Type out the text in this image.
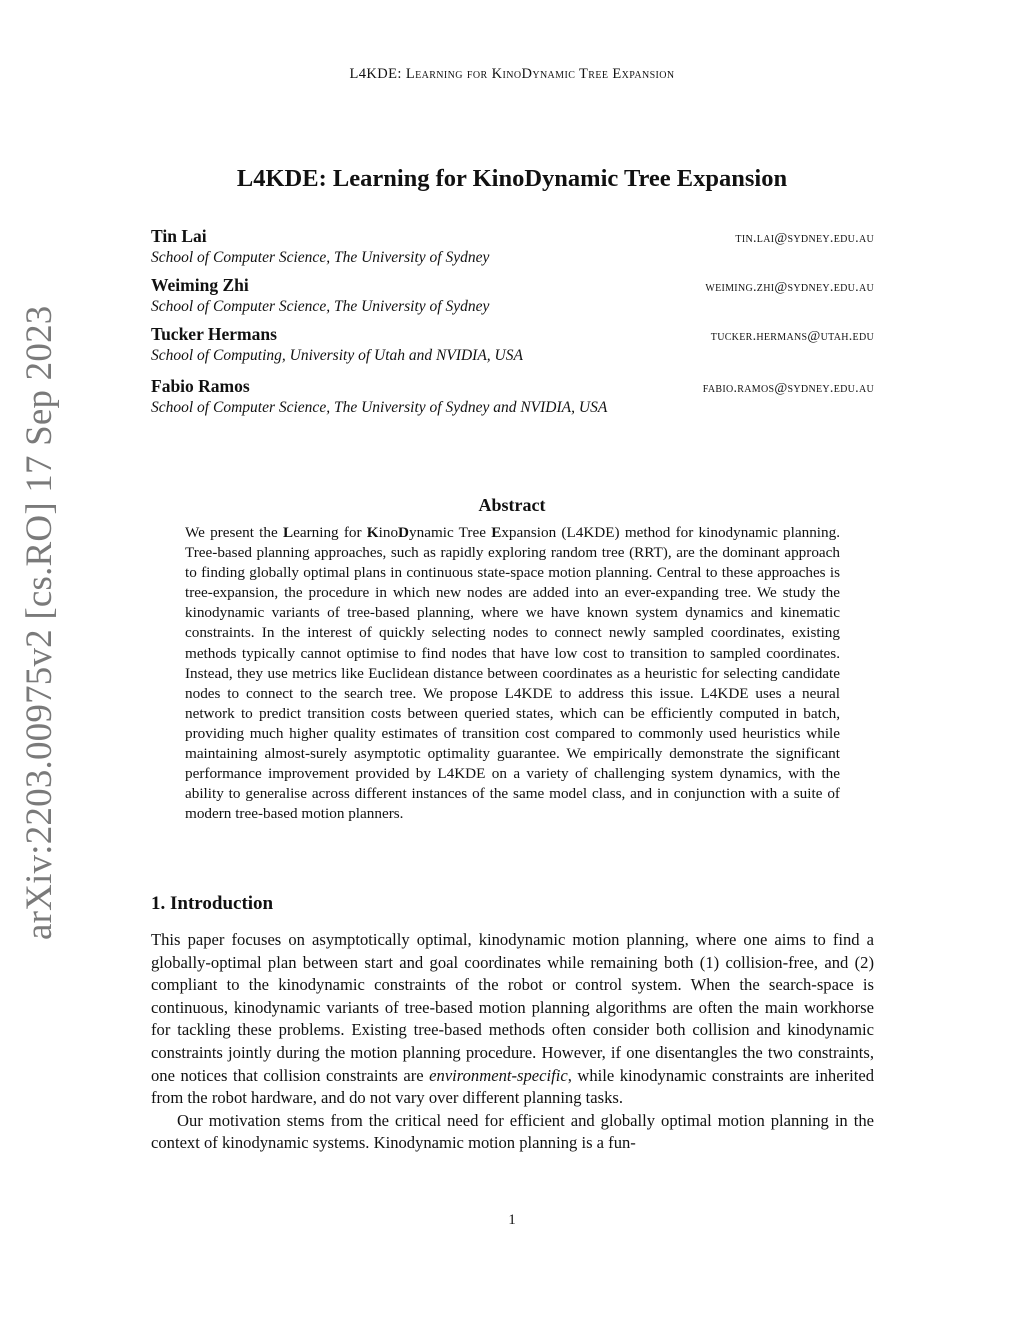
L4KDE: Learning for KinoDynamic Tree Expansion
arXiv:2203.00975v2 [cs.RO] 17 Sep 2023
L4KDE: Learning for KinoDynamic Tree Expansion
Tin Lai	tin.lai@sydney.edu.au
School of Computer Science, The University of Sydney
Weiming Zhi	weiming.zhi@sydney.edu.au
School of Computer Science, The University of Sydney
Tucker Hermans	tucker.hermans@utah.edu
School of Computing, University of Utah and NVIDIA, USA
Fabio Ramos	fabio.ramos@sydney.edu.au
School of Computer Science, The University of Sydney and NVIDIA, USA
Abstract
We present the Learning for KinoDynamic Tree Expansion (L4KDE) method for kinodynamic planning. Tree-based planning approaches, such as rapidly exploring random tree (RRT), are the dominant approach to finding globally optimal plans in continuous state-space motion planning. Central to these approaches is tree-expansion, the procedure in which new nodes are added into an ever-expanding tree. We study the kinodynamic variants of tree-based planning, where we have known system dynamics and kinematic constraints. In the interest of quickly selecting nodes to connect newly sampled coordinates, existing methods typically cannot optimise to find nodes that have low cost to transition to sampled coordinates. Instead, they use metrics like Euclidean distance between coordinates as a heuristic for selecting candidate nodes to connect to the search tree. We propose L4KDE to address this issue. L4KDE uses a neural network to predict transition costs between queried states, which can be efficiently computed in batch, providing much higher quality estimates of transition cost compared to commonly used heuristics while maintaining almost-surely asymptotic optimality guarantee. We empirically demonstrate the significant performance improvement provided by L4KDE on a variety of challenging system dynamics, with the ability to generalise across different instances of the same model class, and in conjunction with a suite of modern tree-based motion planners.
1. Introduction

This paper focuses on asymptotically optimal, kinodynamic motion planning, where one aims to find a globally-optimal plan between start and goal coordinates while remaining both (1) collision-free, and (2) compliant to the kinodynamic constraints of the robot or control system. When the search-space is continuous, kinodynamic variants of tree-based motion planning algorithms are often the main workhorse for tackling these problems. Existing tree-based methods often consider both collision and kinodynamic constraints jointly during the motion planning procedure. However, if one disentangles the two constraints, one notices that collision constraints are environment-specific, while kinodynamic constraints are inherited from the robot hardware, and do not vary over different planning tasks.

Our motivation stems from the critical need for efficient and globally optimal motion planning in the context of kinodynamic systems. Kinodynamic motion planning is a fun-

1
